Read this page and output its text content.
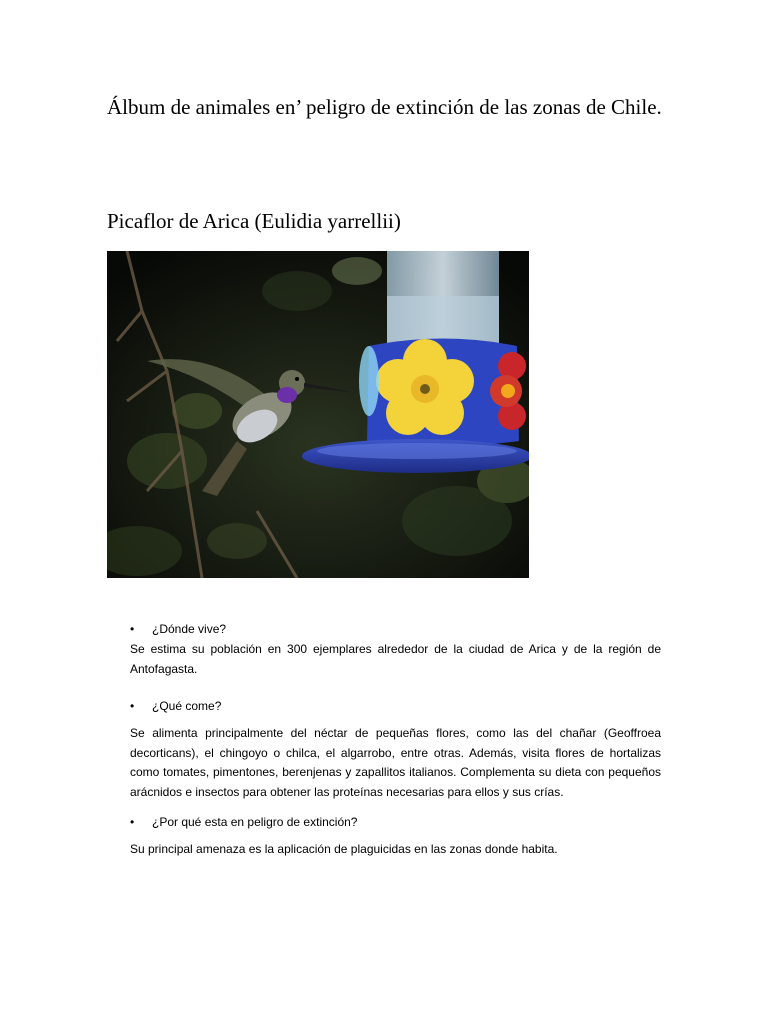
Álbum de animales en’ peligro de extinción de las zonas de Chile.
Picaflor de Arica (Eulidia yarrellii)
• ¿Dónde vive?

Se estima su población en 300 ejemplares alrededor de la ciudad de Arica y de la región de Antofagasta.

• ¿Qué come?

Se alimenta principalmente del néctar de pequeñas flores, como las del chañar (Geoffroea decorticans), el chingoyo o chilca, el algarrobo, entre otras. Además, visita flores de hortalizas como tomates, pimentones, berenjenas y zapallitos italianos. Complementa su dieta con pequeños arácnidos e insectos para obtener las proteínas necesarias para ellos y sus crías.

• ¿Por qué esta en peligro de extinción?

Su principal amenaza es la aplicación de plaguicidas en las zonas donde habita.
